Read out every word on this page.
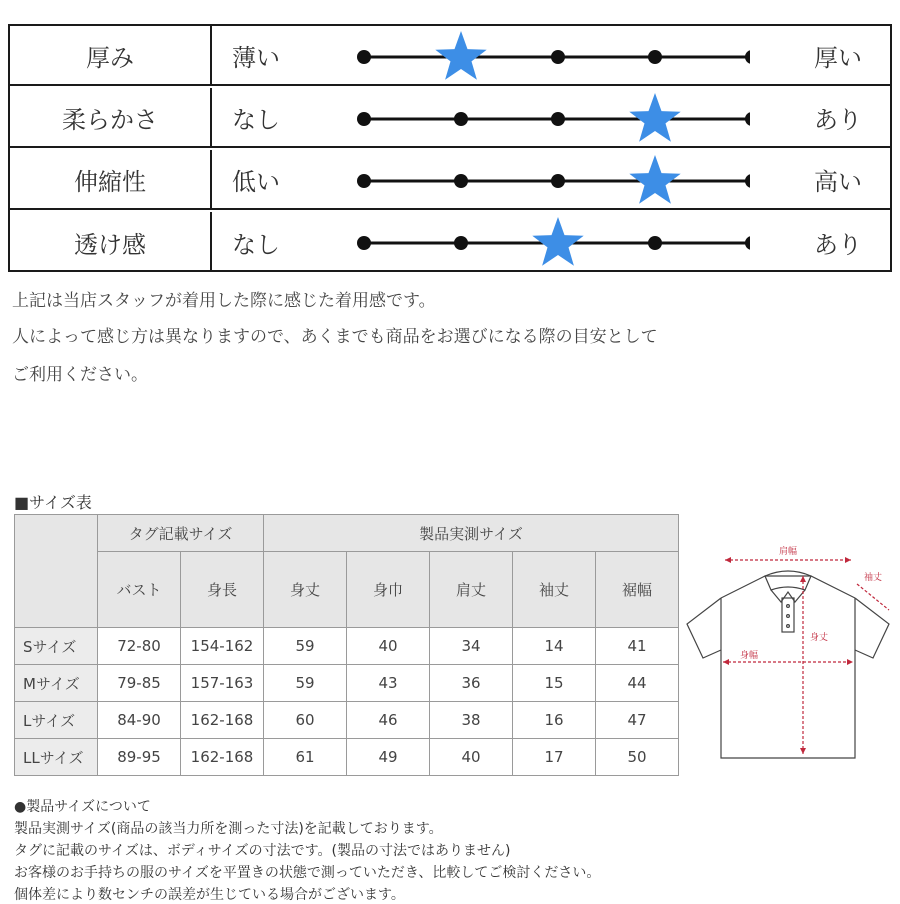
厚み	薄い	厚い
柔らかさ	なし	あり
伸縮性	低い	高い
透け感	なし	あり
上記は当店スタッフが着用した際に感じた着用感です。
人によって感じ方は異なりますので、あくまでも商品をお選びになる際の目安として
ご利用ください。
■サイズ表
	タグ記載サイズ		製品実測サイズ				
	バスト	身長	身丈	身巾	肩丈	袖丈	裾幅
Sサイズ	72-80	154-162	59	40	34	14	41
Mサイズ	79-85	157-163	59	43	36	15	44
Lサイズ	84-90	162-168	60	46	38	16	47
LLサイズ	89-95	162-168	61	49	40	17	50
肩幅
袖丈
身丈
身幅
●製品サイズについて
製品実測サイズ(商品の該当力所を測った寸法)を記載しております。
タグに記載のサイズは、ボディサイズの寸法です。(製品の寸法ではありません)
お客様のお手持ちの服のサイズを平置きの状態で測っていただき、比較してご検討ください。
個体差により数センチの誤差が生じている場合がございます。
